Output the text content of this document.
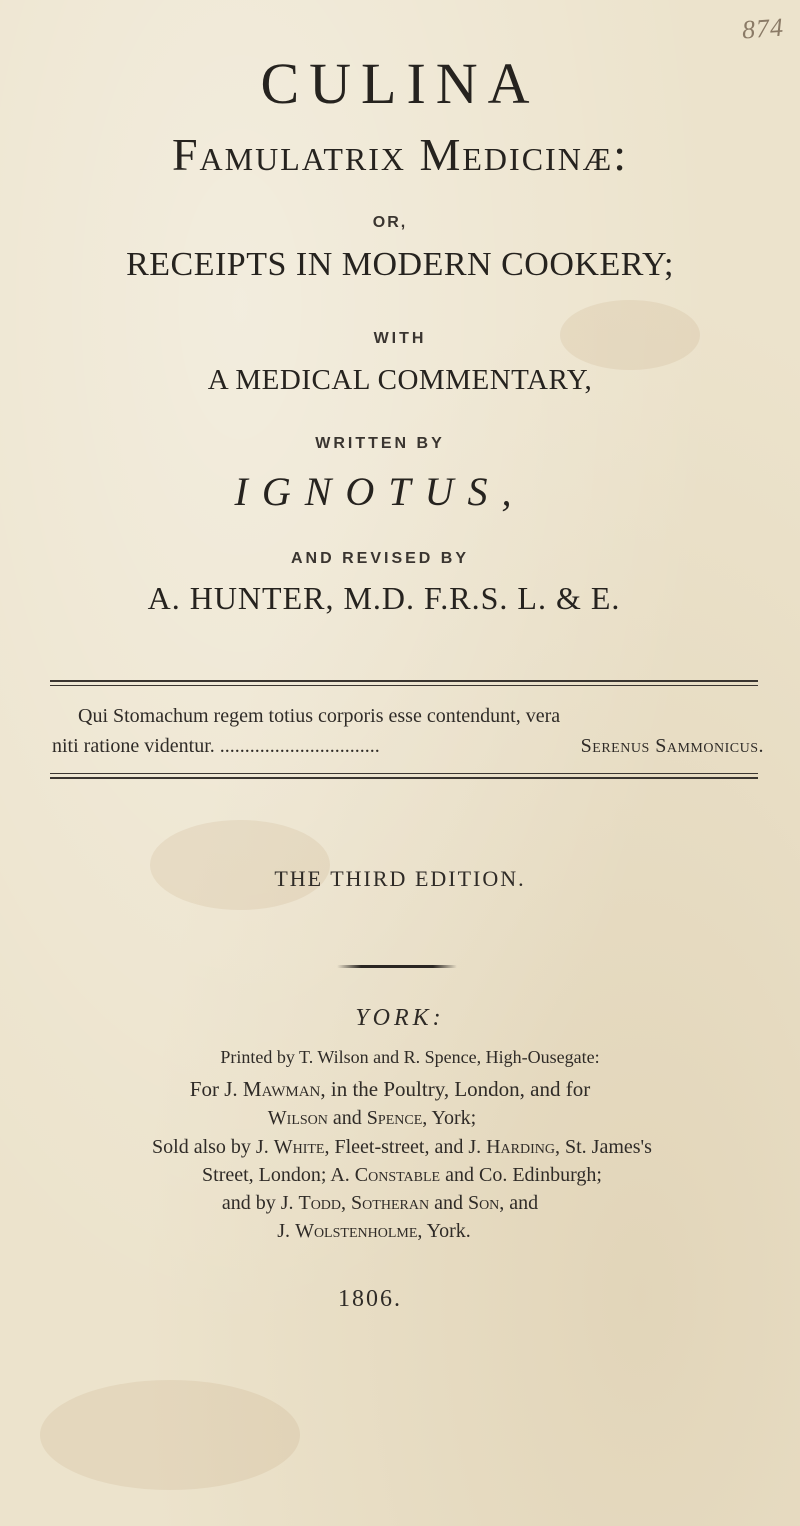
874
CULINA
Famulatrix Medicinæ:
OR,
RECEIPTS IN MODERN COOKERY;
WITH
A MEDICAL COMMENTARY,
WRITTEN BY
IGNOTUS,
AND REVISED BY
A. HUNTER, M.D. F.R.S. L. & E.
Qui Stomachum regem totius corporis esse contendunt, vera
Serenus Sammonicus.
niti ratione videntur. ................................
THE THIRD EDITION.
YORK:
Printed by T. Wilson and R. Spence, High-Ousegate:
For J. Mawman, in the Poultry, London, and for
Wilson and Spence, York;
Sold also by J. White, Fleet-street, and J. Harding, St. James's
Street, London; A. Constable and Co. Edinburgh;
and by J. Todd, Sotheran and Son, and
J. Wolstenholme, York.
1806.
